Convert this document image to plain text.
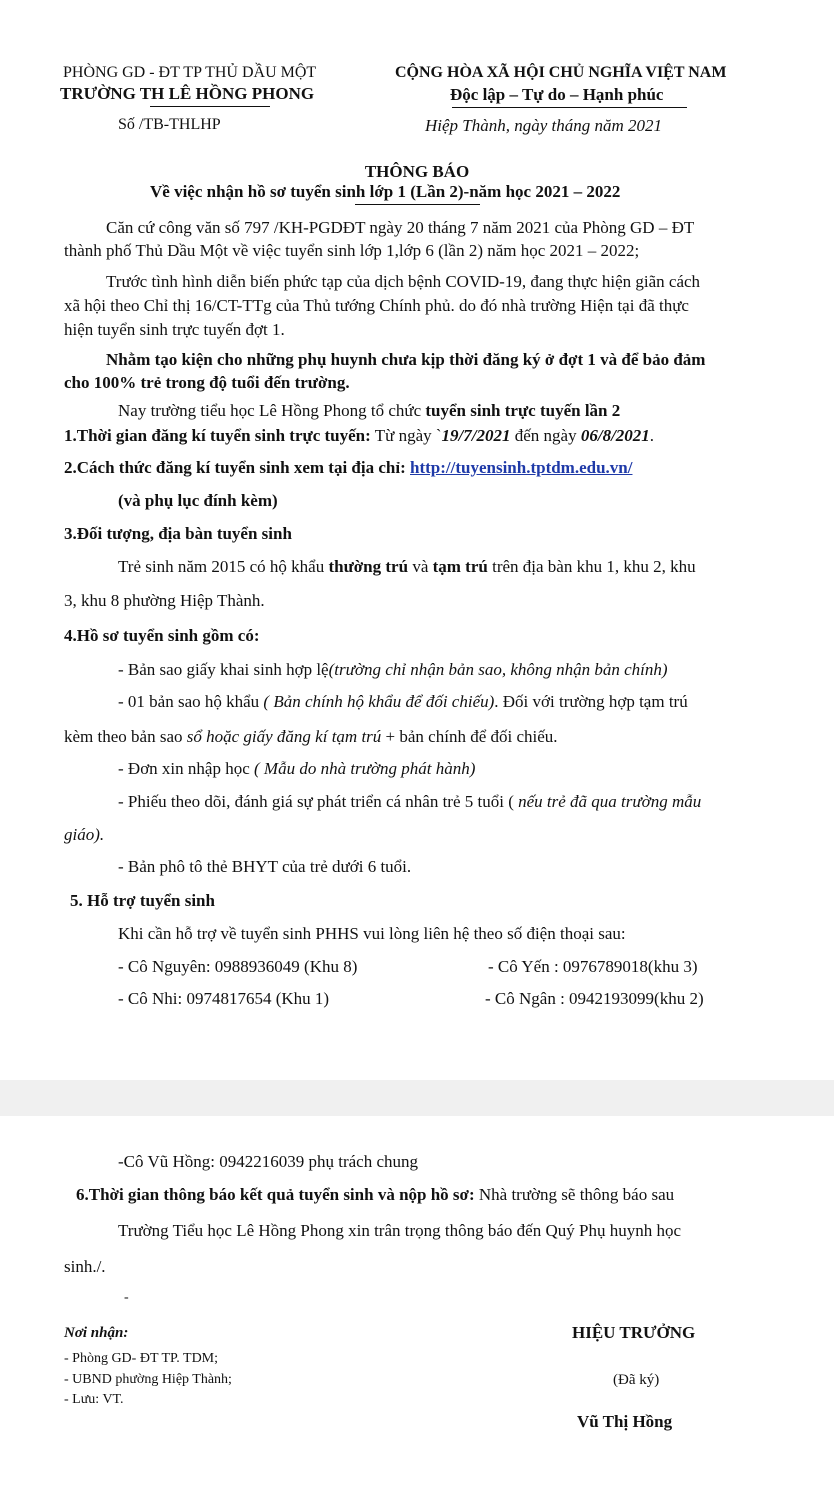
PHÒNG GD - ĐT TP THỦ DẦU MỘT
TRƯỜNG TH LÊ HỒNG PHONG
Số /TB-THLHP
CỘNG HÒA XÃ HỘI CHỦ NGHĨA VIỆT NAM
Độc lập – Tự do – Hạnh phúc
Hiệp Thành, ngày tháng năm 2021
THÔNG BÁO
Về việc nhận hồ sơ tuyển sinh lớp 1 (Lần 2)-năm học 2021 – 2022
Căn cứ công văn số 797 /KH-PGDĐT ngày 20 tháng 7 năm 2021 của Phòng GD – ĐT
thành phố Thủ Dầu Một về việc tuyển sinh lớp 1,lớp 6 (lần 2) năm học 2021 – 2022;
Trước tình hình diễn biến phức tạp của dịch bệnh COVID-19, đang thực hiện giãn cách
xã hội theo Chỉ thị 16/CT-TTg của Thủ tướng Chính phủ. do đó nhà trường Hiện tại đã thực
hiện tuyển sinh trực tuyến đợt 1.
Nhằm tạo kiện cho những phụ huynh chưa kịp thời đăng ký ở đợt 1 và để bảo đảm
cho 100% trẻ trong độ tuổi đến trường.
Nay trường tiểu học Lê Hồng Phong tổ chức tuyển sinh trực tuyến lần 2
1.Thời gian đăng kí tuyển sinh trực tuyến: Từ ngày `19/7/2021 đến ngày 06/8/2021.
2.Cách thức đăng kí tuyển sinh xem tại địa chỉ: http://tuyensinh.tptdm.edu.vn/
(và phụ lục đính kèm)
3.Đối tượng, địa bàn tuyển sinh
Trẻ sinh năm 2015 có hộ khẩu thường trú và tạm trú trên địa bàn khu 1, khu 2, khu
3, khu 8 phường Hiệp Thành.
4.Hồ sơ tuyển sinh gồm có:
- Bản sao giấy khai sinh hợp lệ(trường chỉ nhận bản sao, không nhận bản chính)
- 01 bản sao hộ khẩu ( Bản chính hộ khẩu để đối chiếu). Đối với trường hợp tạm trú
kèm theo bản sao sổ hoặc giấy đăng kí tạm trú + bản chính để đối chiếu.
- Đơn xin nhập học ( Mẫu do nhà trường phát hành)
- Phiếu theo dõi, đánh giá sự phát triển cá nhân trẻ 5 tuổi ( nếu trẻ đã qua trường mẫu
giáo).
- Bản phô tô thẻ BHYT của trẻ dưới 6 tuổi.
5. Hỗ trợ tuyển sinh
Khi cần hỗ trợ về tuyển sinh PHHS vui lòng liên hệ theo số điện thoại sau:
- Cô Nguyên: 0988936049 (Khu 8)	- Cô Yến : 0976789018(khu 3)
- Cô Nhi: 0974817654 (Khu 1)	- Cô Ngân : 0942193099(khu 2)
-Cô Vũ Hồng: 0942216039 phụ trách chung
6.Thời gian thông báo kết quả tuyển sinh và nộp hồ sơ: Nhà trường sẽ thông báo sau
Trường Tiểu học Lê Hồng Phong xin trân trọng thông báo đến Quý Phụ huynh học
sinh./.
-
Nơi nhận:
- Phòng GD- ĐT TP. TDM;
- UBND phường Hiệp Thành;
- Lưu: VT.
HIỆU TRƯỞNG
(Đã ký)
Vũ Thị Hồng
